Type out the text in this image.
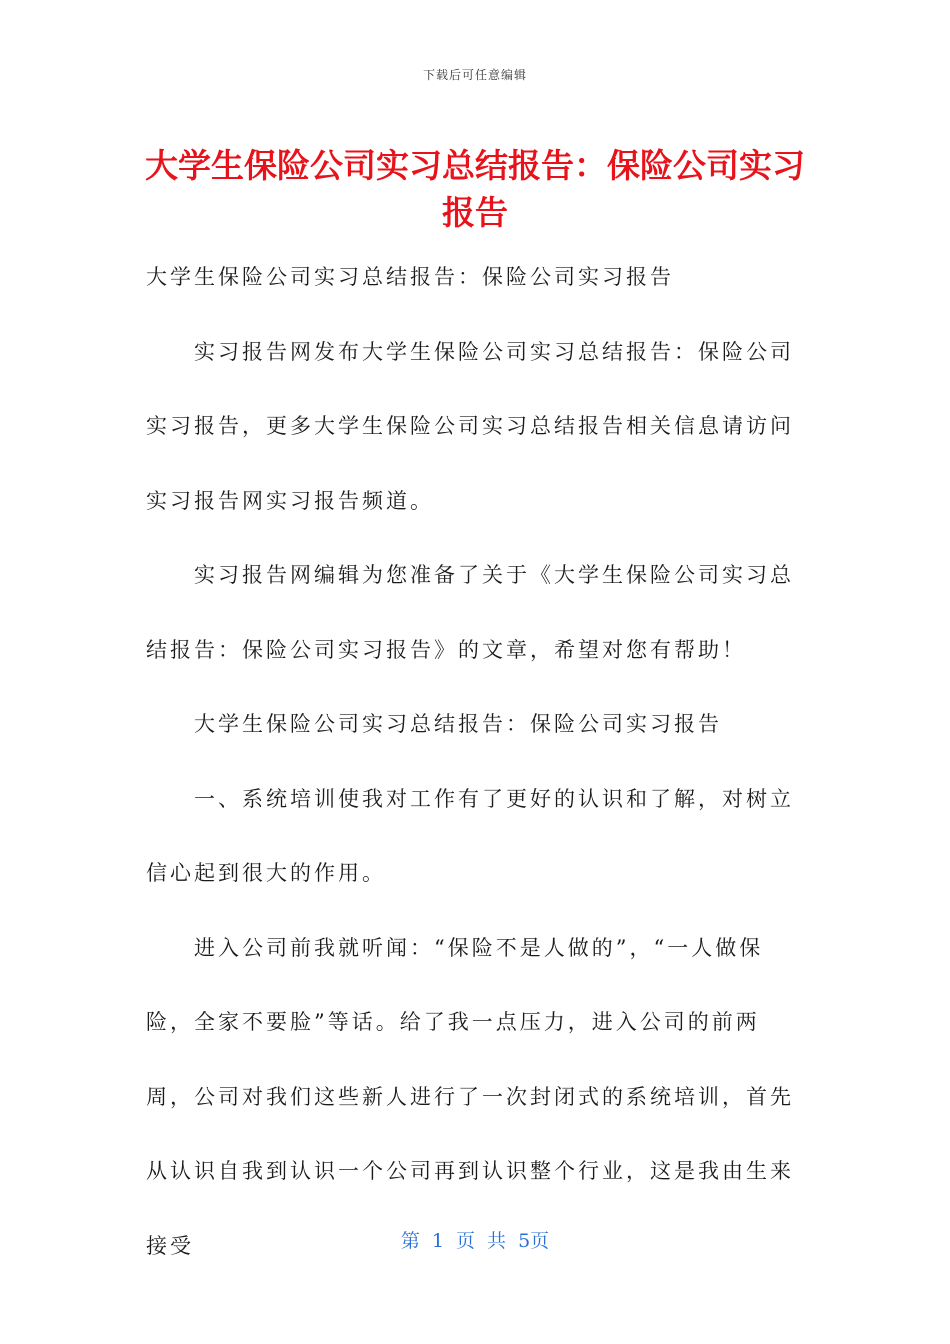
下载后可任意编辑
大学生保险公司实习总结报告：保险公司实习报告

大学生保险公司实习总结报告：保险公司实习报告

实习报告网发布大学生保险公司实习总结报告：保险公司实习报告，更多大学生保险公司实习总结报告相关信息请访问实习报告网实习报告频道。

实习报告网编辑为您准备了关于《大学生保险公司实习总结报告：保险公司实习报告》的文章，希望对您有帮助！

大学生保险公司实习总结报告：保险公司实习报告

一、系统培训使我对工作有了更好的认识和了解，对树立信心起到很大的作用。

进入公司前我就听闻：“保险不是人做的”，“一人做保险，全家不要脸”等话。给了我一点压力，进入公司的前两周，公司对我们这些新人进行了一次封闭式的系统培训，首先从认识自我到认识一个公司再到认识整个行业，这是我由生来接受	第 1 页 共 5页
